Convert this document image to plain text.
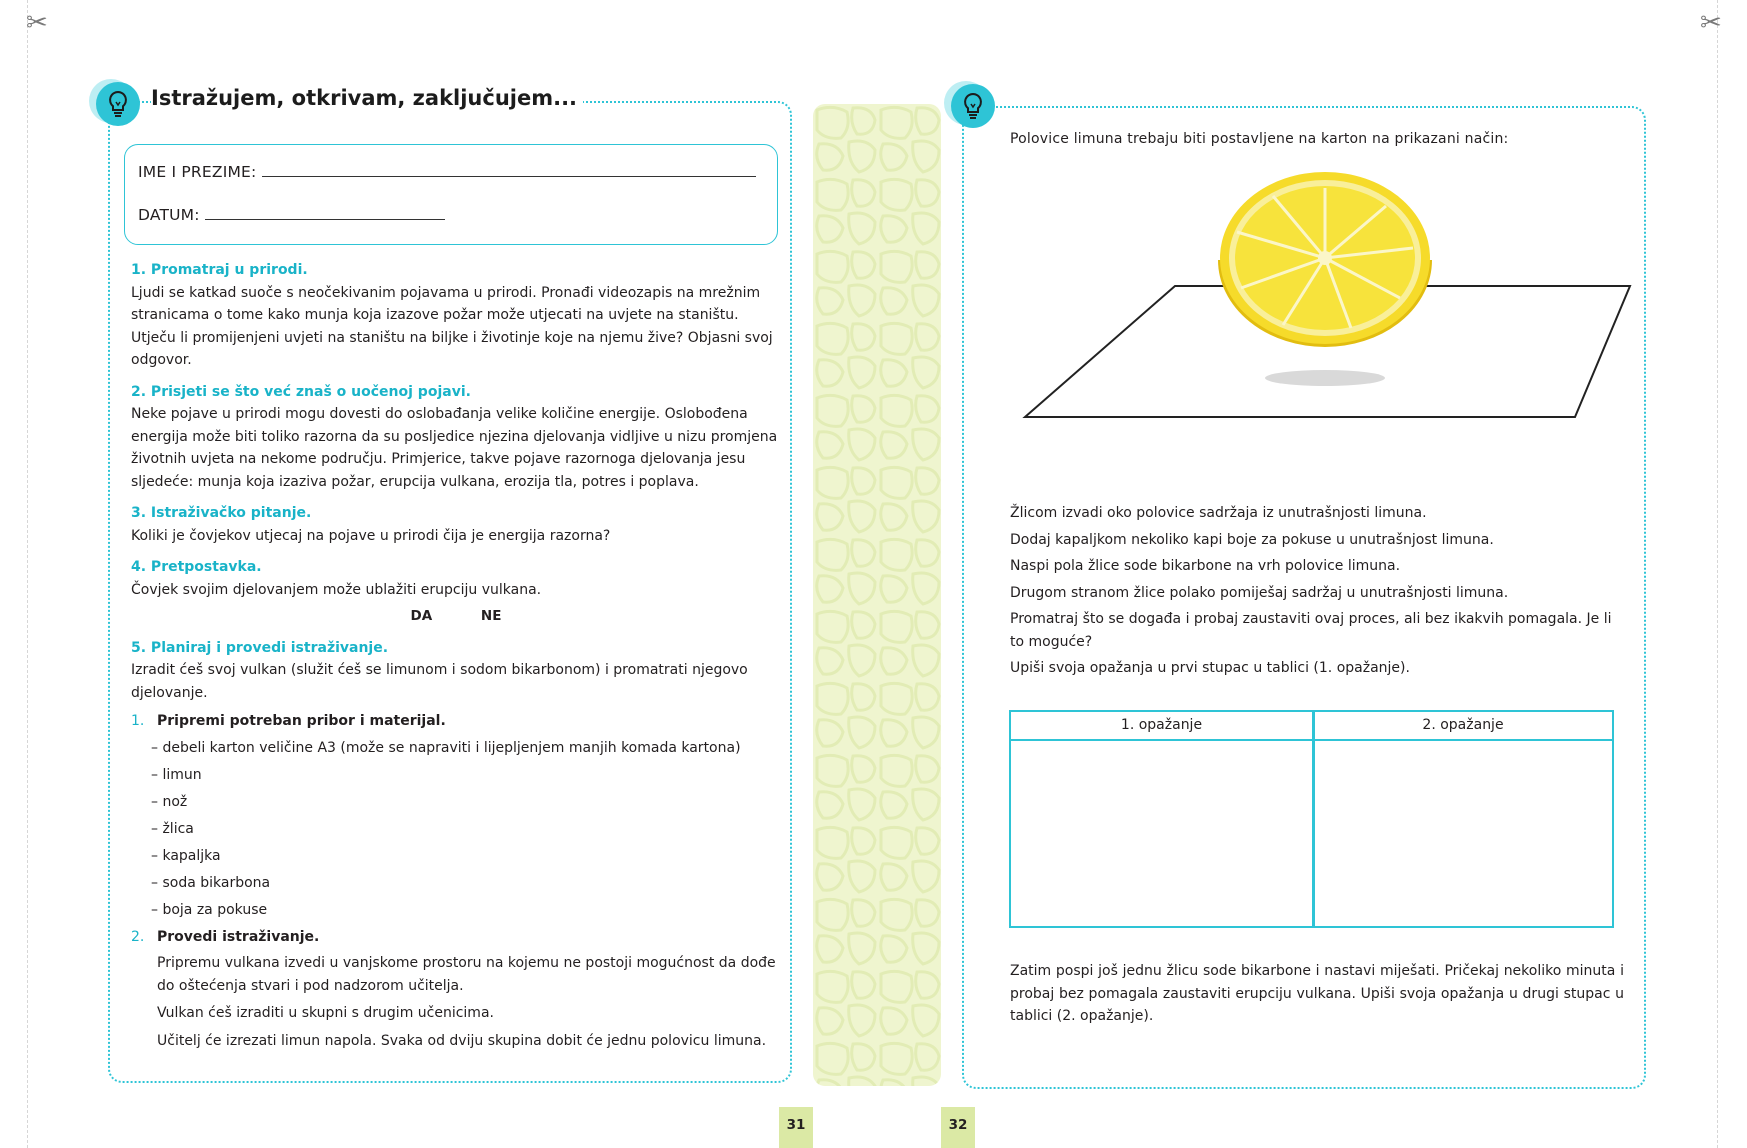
✂	✂
Istražujem, otkrivam, zaključujem...
IME I PREZIME:
DATUM:
1. Promatraj u prirodi.

Ljudi se katkad suoče s neočekivanim pojavama u prirodi. Pronađi videozapis na mrežnim

stranicama o tome kako munja koja izazove požar može utjecati na uvjete na staništu.

Utječu li promijenjeni uvjeti na staništu na biljke i životinje koje na njemu žive? Objasni svoj

odgovor.

2. Prisjeti se što već znaš o uočenoj pojavi.

Neke pojave u prirodi mogu dovesti do oslobađanja velike količine energije. Oslobođena

energija može biti toliko razorna da su posljedice njezina djelovanja vidljive u nizu promjena

životnih uvjeta na nekome području. Primjerice, takve pojave razornoga djelovanja jesu

sljedeće: munja koja izaziva požar, erupcija vulkana, erozija tla, potres i poplava.

3. Istraživačko pitanje.

Koliki je čovjekov utjecaj na pojave u prirodi čija je energija razorna?

4. Pretpostavka.

Čovjek svojim djelovanjem može ublažiti erupciju vulkana.

DA	NE
5. Planiraj i provedi istraživanje.

Izradit ćeš svoj vulkan (služit ćeš se limunom i sodom bikarbonom) i promatrati njegovo

djelovanje.

1. Pripremi potreban pribor i materijal.
– debeli karton veličine A3 (može se napraviti i lijepljenjem manjih komada kartona)
– limun
– nož
– žlica
– kapaljka
– soda bikarbona
– boja za pokuse
2. Provedi istraživanje.

Pripremu vulkana izvedi u vanjskome prostoru na kojemu ne postoji mogućnost da dođe do oštećenja stvari i pod nadzorom učitelja.

Vulkan ćeš izraditi u skupni s drugim učenicima.

Učitelj će izrezati limun napola. Svaka od dviju skupina dobit će jednu polovicu limuna.

31	32
Polovice limuna trebaju biti postavljene na karton na prikazani način:

Žlicom izvadi oko polovice sadržaja iz unutrašnjosti limuna.

Dodaj kapaljkom nekoliko kapi boje za pokuse u unutrašnjost limuna.

Naspi pola žlice sode bikarbone na vrh polovice limuna.

Drugom stranom žlice polako pomiješaj sadržaj u unutrašnjosti limuna.

Promatraj što se događa i probaj zaustaviti ovaj proces, ali bez ikakvih pomagala. Je li to moguće?

Upiši svoja opažanja u prvi stupac u tablici (1. opažanje).

1. opažanje	2. opažanje
Zatim pospi još jednu žlicu sode bikarbone i nastavi miješati. Pričekaj nekoliko minuta i probaj bez pomagala zaustaviti erupciju vulkana. Upiši svoja opažanja u drugi stupac u tablici (2. opažanje).
